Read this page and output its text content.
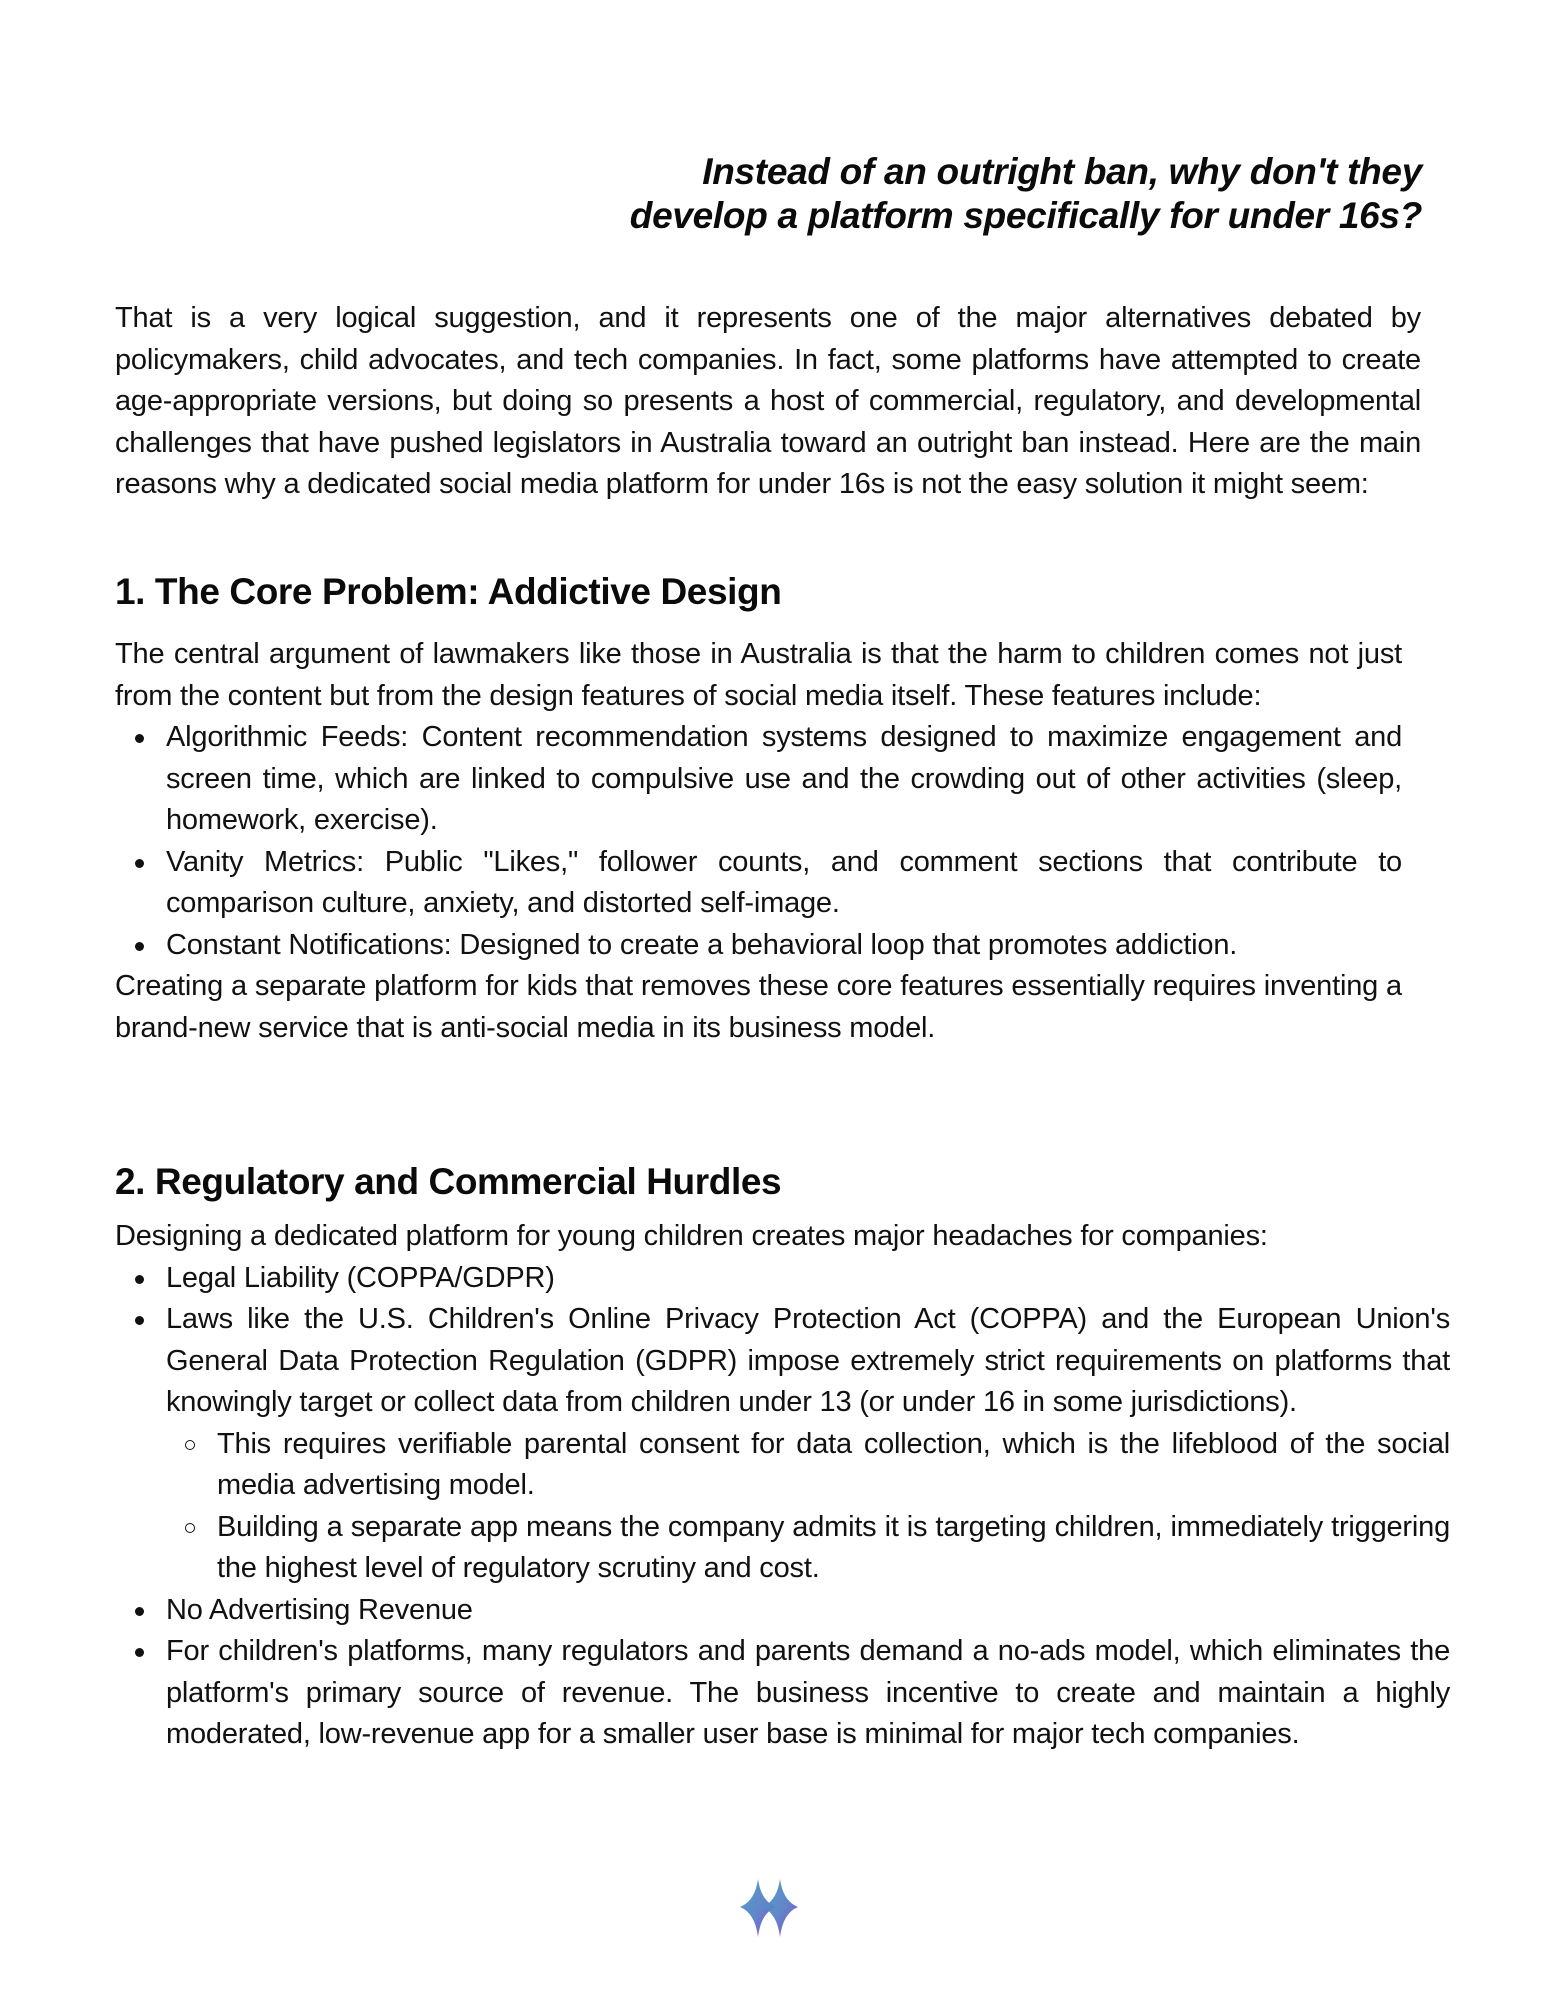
Instead of an outright ban, why don't they
develop a platform specifically for under 16s?

That is a very logical suggestion, and it represents one of the major alternatives debated by policymakers, child advocates, and tech companies. In fact, some platforms have attempted to create age-appropriate versions, but doing so presents a host of commercial, regulatory, and developmental challenges that have pushed legislators in Australia toward an outright ban instead. Here are the main reasons why a dedicated social media platform for under 16s is not the easy solution it might seem:

1. The Core Problem: Addictive Design

The central argument of lawmakers like those in Australia is that the harm to children comes not just from the content but from the design features of social media itself. These features include:

Algorithmic Feeds: Content recommendation systems designed to maximize engagement and screen time, which are linked to compulsive use and the crowding out of other activities (sleep, homework, exercise).
Vanity Metrics: Public "Likes," follower counts, and comment sections that contribute to comparison culture, anxiety, and distorted self-image.
Constant Notifications: Designed to create a behavioral loop that promotes addiction.

Creating a separate platform for kids that removes these core features essentially requires inventing a brand-new service that is anti-social media in its business model.

2. Regulatory and Commercial Hurdles

Designing a dedicated platform for young children creates major headaches for companies:

Legal Liability (COPPA/GDPR)
Laws like the U.S. Children's Online Privacy Protection Act (COPPA) and the European Union's General Data Protection Regulation (GDPR) impose extremely strict requirements on platforms that knowingly target or collect data from children under 13 (or under 16 in some jurisdictions).
This requires verifiable parental consent for data collection, which is the lifeblood of the social media advertising model.
Building a separate app means the company admits it is targeting children, immediately triggering the highest level of regulatory scrutiny and cost.
No Advertising Revenue
For children's platforms, many regulators and parents demand a no-ads model, which eliminates the platform's primary source of revenue. The business incentive to create and maintain a highly moderated, low-revenue app for a smaller user base is minimal for major tech companies.
